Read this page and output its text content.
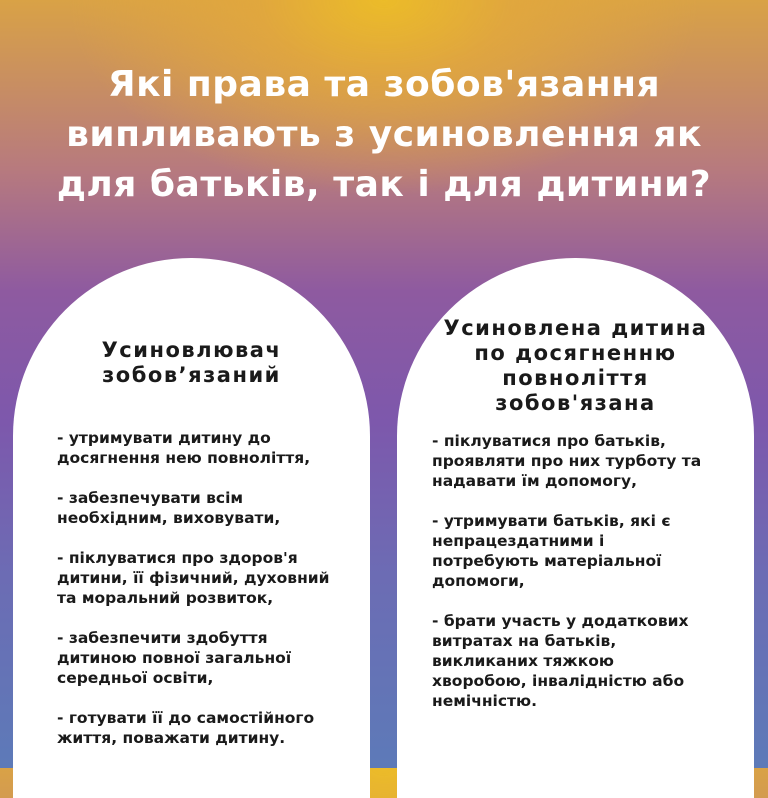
Які права та зобов'язання
випливають з усиновлення як
для батьків, так і для дитини?
Усиновлювач
зобов’язаний
- утримувати дитину до
досягнення нею повноліття,
- забезпечувати всім
необхідним, виховувати,
- піклуватися про здоров'я
дитини, її фізичний, духовний
та моральний розвиток,
- забезпечити здобуття
дитиною повної загальної
середньої освіти,
- готувати її до самостійного
життя, поважати дитину.
Усиновлена дитина
по досягненню
повноліття
зобов'язана
- піклуватися про батьків,
проявляти про них турботу та
надавати їм допомогу,
- утримувати батьків, які є
непрацездатними і
потребують матеріальної
допомоги,
- брати участь у додаткових
витратах на батьків,
викликаних тяжкою
хворобою, інвалідністю або
немічністю.
